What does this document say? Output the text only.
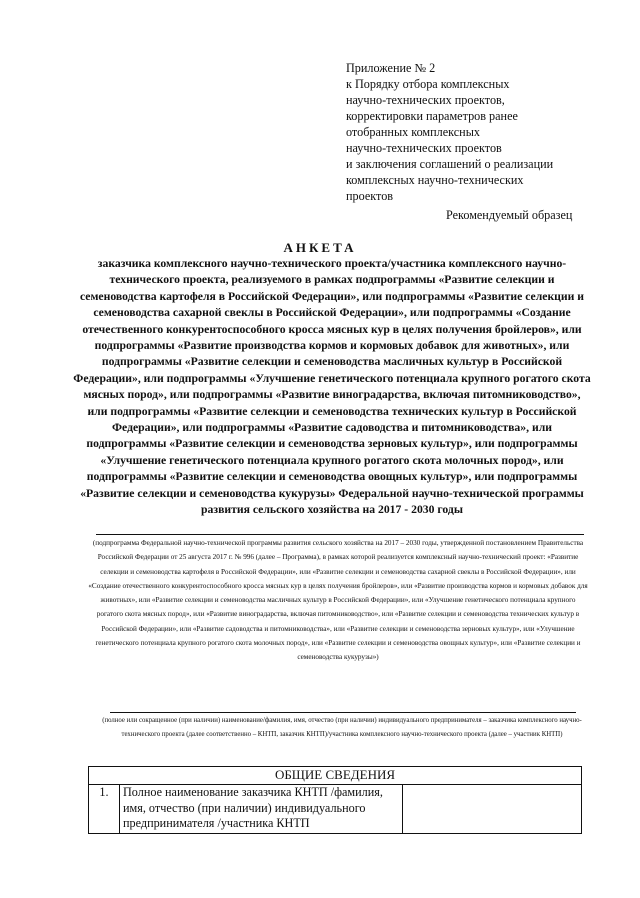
Приложение № 2
к Порядку отбора комплексных
научно-технических проектов,
корректировки параметров ранее
отобранных комплексных
научно-технических проектов
и заключения соглашений о реализации
комплексных научно-технических
проектов
Рекомендуемый образец
АНКЕТА
заказчика комплексного научно-технического проекта/участника комплексного научно-технического проекта, реализуемого в рамках подпрограммы «Развитие селекции и семеноводства картофеля в Российской Федерации», или подпрограммы «Развитие селекции и семеноводства сахарной свеклы в Российской Федерации», или подпрограммы «Создание отечественного конкурентоспособного кросса мясных кур в целях получения бройлеров», или подпрограммы «Развитие производства кормов и кормовых добавок для животных», или подпрограммы «Развитие селекции и семеноводства масличных культур в Российской Федерации», или подпрограммы «Улучшение генетического потенциала крупного рогатого скота мясных пород», или подпрограммы «Развитие виноградарства, включая питомниководство», или подпрограммы «Развитие селекции и семеноводства технических культур в Российской Федерации», или подпрограммы «Развитие садоводства и питомниководства», или подпрограммы «Развитие селекции и семеноводства зерновых культур», или подпрограммы «Улучшение генетического потенциала крупного рогатого скота молочных пород», или подпрограммы «Развитие селекции и семеноводства овощных культур», или подпрограммы «Развитие селекции и семеноводства кукурузы» Федеральной научно-технической программы развития сельского хозяйства на 2017 - 2030 годы
(подпрограмма Федеральной научно-технической программы развития сельского хозяйства на 2017 – 2030 годы, утвержденной постановлением Правительства Российской Федерации от 25 августа 2017 г. № 996 (далее – Программа), в рамках которой реализуется комплексный научно-технический проект: «Развитие селекции и семеноводства картофеля в Российской Федерации», или «Развитие селекции и семеноводства сахарной свеклы в Российской Федерации», или «Создание отечественного конкурентоспособного кросса мясных кур в целях получения бройлеров», или «Развитие производства кормов и кормовых добавок для животных», или «Развитие селекции и семеноводства масличных культур в Российской Федерации», или «Улучшение генетического потенциала крупного рогатого скота мясных пород», или «Развитие виноградарства, включая питомниководство», или «Развитие селекции и семеноводства технических культур в Российской Федерации», или «Развитие садоводства и питомниководства», или «Развитие селекции и семеноводства зерновых культур», или «Улучшение генетического потенциала крупного рогатого скота молочных пород», или «Развитие селекции и семеноводства овощных культур», или «Развитие селекции и семеноводства кукурузы»)
(полное или сокращенное (при наличии) наименование/фамилия, имя, отчество (при наличии) индивидуального предпринимателя – заказчика комплексного научно-технического проекта (далее соответственно – КНТП, заказчик КНТП)/участника комплексного научно-технического проекта (далее – участник КНТП)
ОБЩИЕ СВЕДЕНИЯ
1.	Полное наименование заказчика КНТП /фамилия, имя, отчество (при наличии) индивидуального предпринимателя /участника КНТП	
